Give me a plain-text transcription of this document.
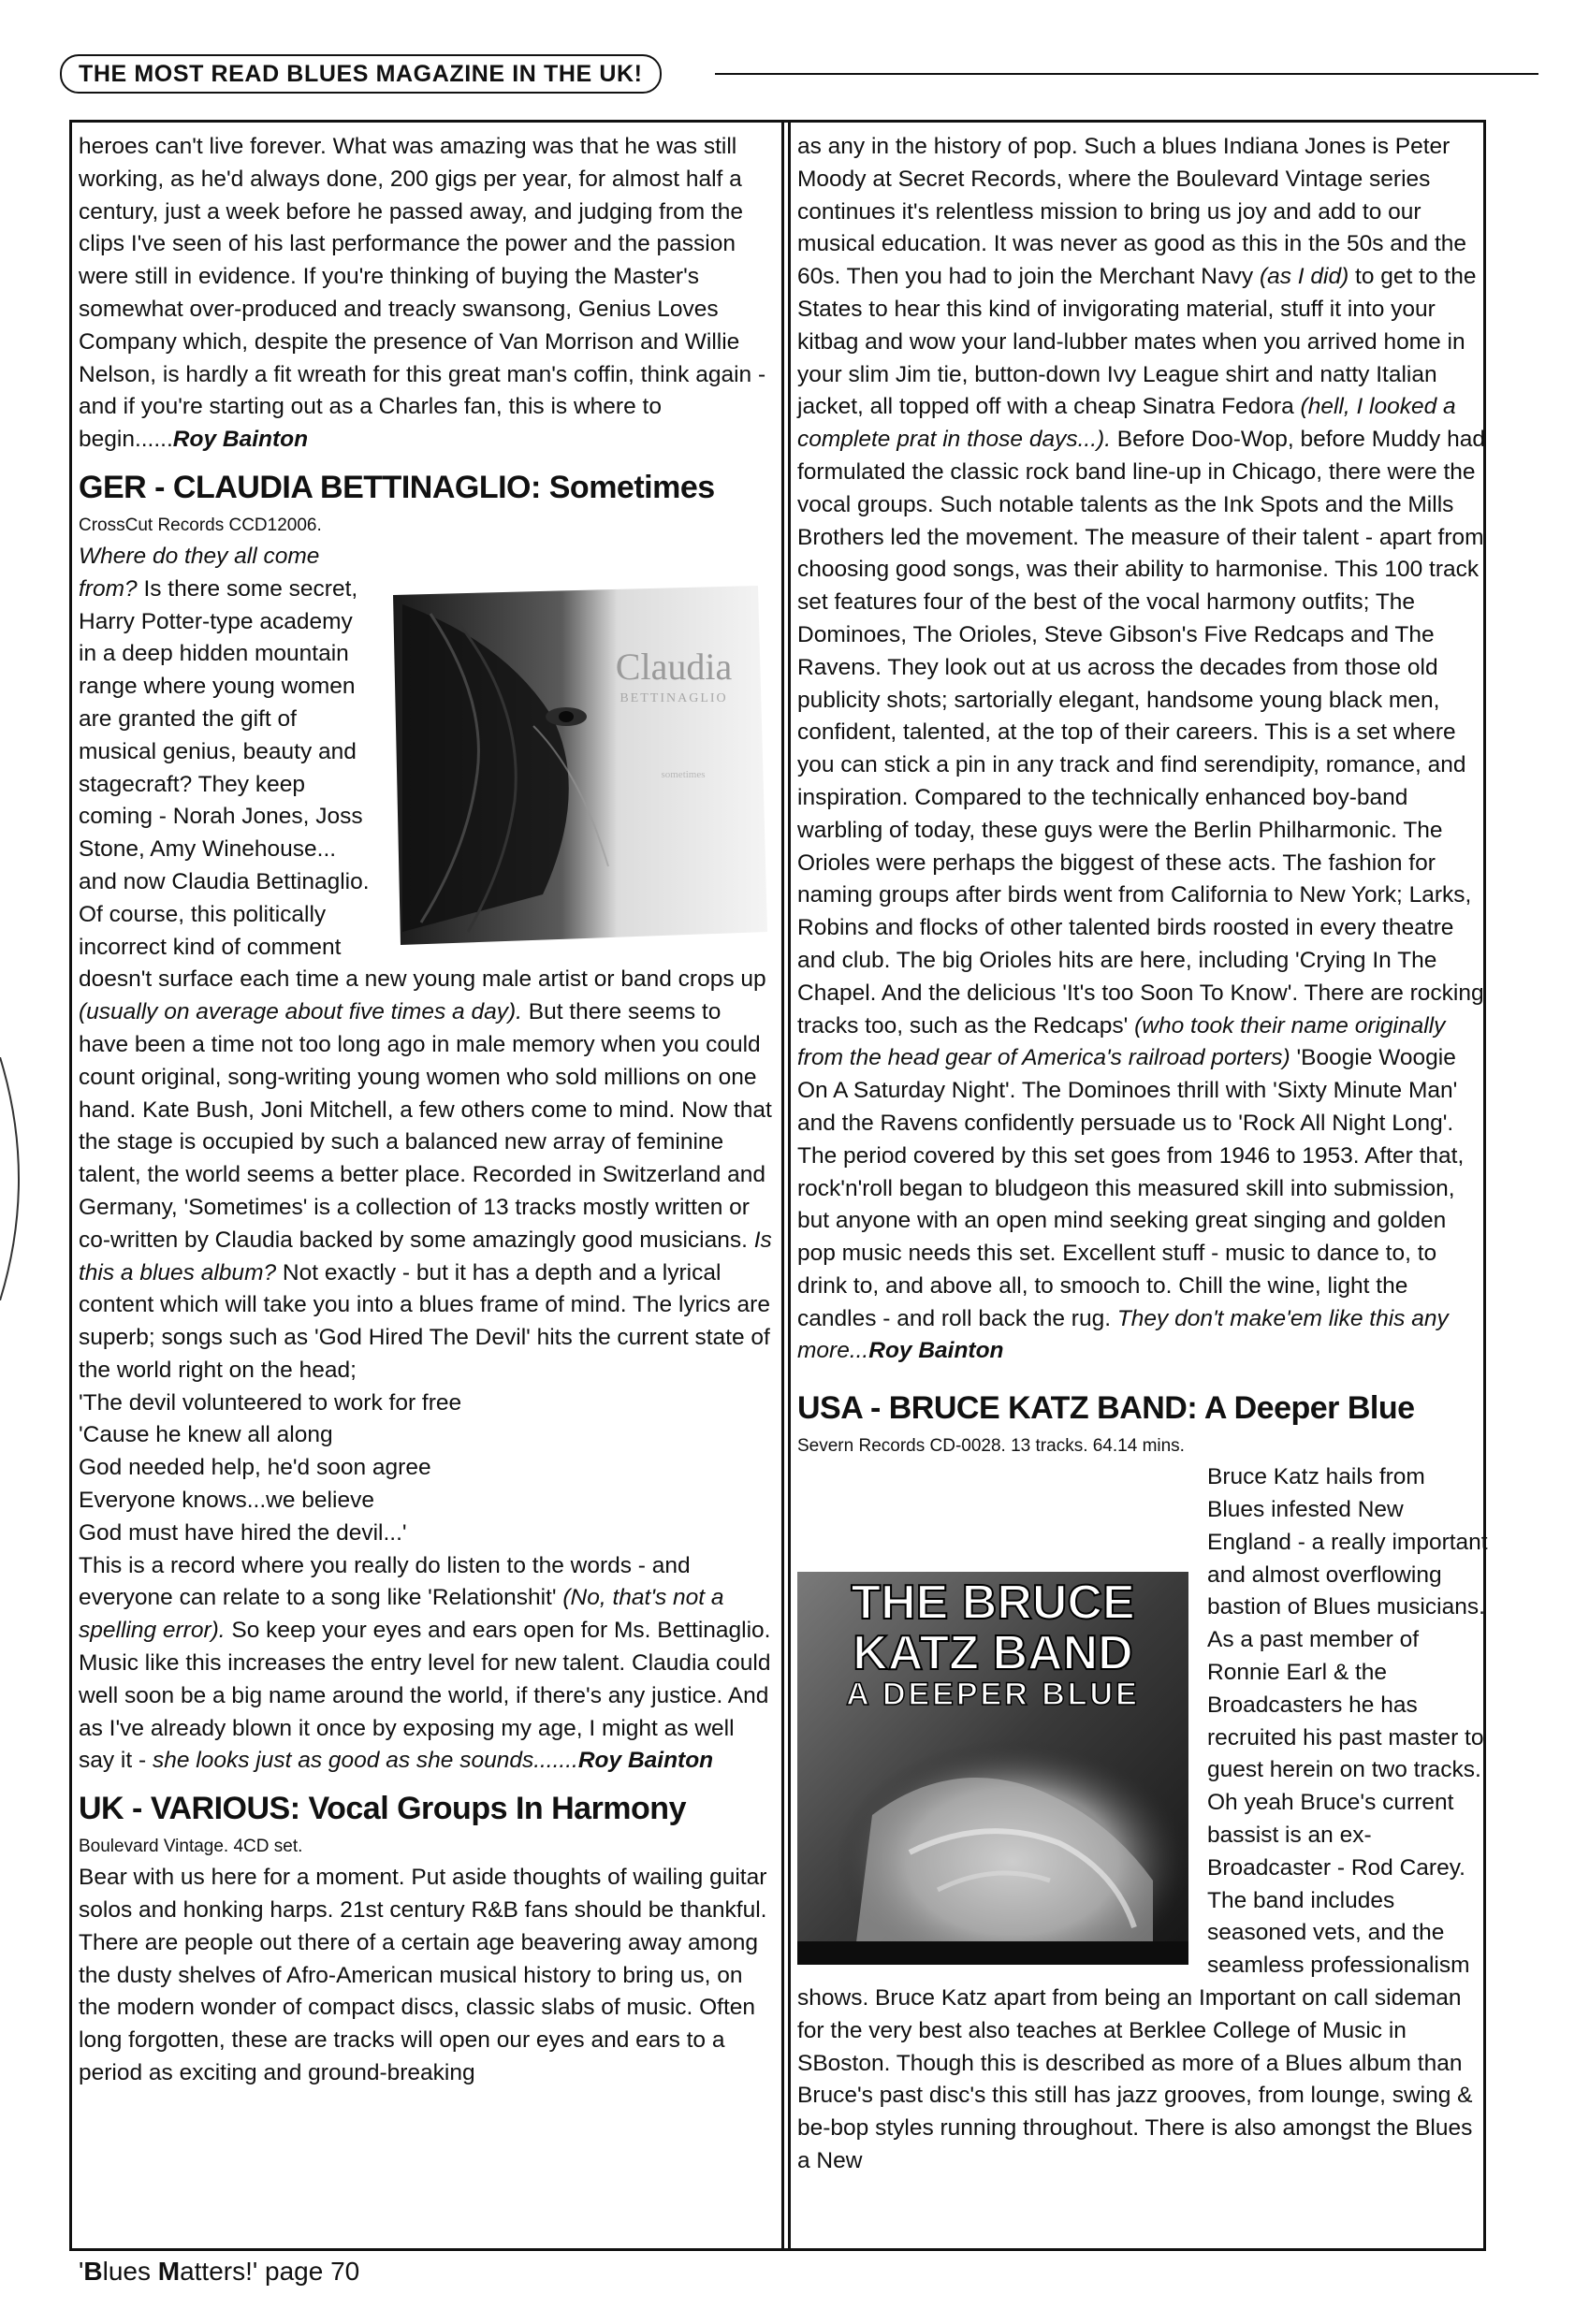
THE MOST READ BLUES MAGAZINE IN THE UK!

heroes can't live forever. What was amazing was that he was still working, as he'd always done, 200 gigs per year, for almost half a century, just a week before he passed away, and judging from the clips I've seen of his last performance the power and the passion were still in evidence. If you're thinking of buying the Master's somewhat over-produced and treacly swansong, Genius Loves Company which, despite the presence of Van Morrison and Willie Nelson, is hardly a fit wreath for this great man's coffin, think again - and if you're starting out as a Charles fan, this is where to begin......Roy Bainton

GER - CLAUDIA BETTINAGLIO: Sometimes
CrossCut Records CCD12006.

Claudia
BETTINAGLIO
sometimes
Where do they all come from? Is there some secret, Harry Potter-type academy in a deep hidden mountain range where young women are granted the gift of musical genius, beauty and stagecraft? They keep coming - Norah Jones, Joss Stone, Amy Winehouse... and now Claudia Bettinaglio. Of course, this politically incorrect kind of comment doesn't surface each time a new young male artist or band crops up (usually on average about five times a day). But there seems to have been a time not too long ago in male memory when you could count original, song-writing young women who sold millions on one hand. Kate Bush, Joni Mitchell, a few others come to mind. Now that the stage is occupied by such a balanced new array of feminine talent, the world seems a better place. Recorded in Switzerland and Germany, 'Sometimes' is a collection of 13 tracks mostly written or co-written by Claudia backed by some amazingly good musicians. Is this a blues album? Not exactly - but it has a depth and a lyrical content which will take you into a blues frame of mind. The lyrics are superb; songs such as 'God Hired The Devil' hits the current state of the world right on the head;

'The devil volunteered to work for free

'Cause he knew all along

God needed help, he'd soon agree

Everyone knows...we believe

God must have hired the devil...'

This is a record where you really do listen to the words - and everyone can relate to a song like 'Relationshit' (No, that's not a spelling error). So keep your eyes and ears open for Ms. Bettinaglio. Music like this increases the entry level for new talent. Claudia could well soon be a big name around the world, if there's any justice. And as I've already blown it once by exposing my age, I might as well say it - she looks just as good as she sounds.......Roy Bainton

UK - VARIOUS: Vocal Groups In Harmony
Boulevard Vintage. 4CD set.

Bear with us here for a moment. Put aside thoughts of wailing guitar solos and honking harps. 21st century R&B fans should be thankful. There are people out there of a certain age beavering away among the dusty shelves of Afro-American musical history to bring us, on the modern wonder of compact discs, classic slabs of music. Often long forgotten, these are tracks will open our eyes and ears to a period as exciting and ground-breaking

as any in the history of pop. Such a blues Indiana Jones is Peter Moody at Secret Records, where the Boulevard Vintage series continues it's relentless mission to bring us joy and add to our musical education. It was never as good as this in the 50s and the 60s. Then you had to join the Merchant Navy (as I did) to get to the States to hear this kind of invigorating material, stuff it into your kitbag and wow your land-lubber mates when you arrived home in your slim Jim tie, button-down Ivy League shirt and natty Italian jacket, all topped off with a cheap Sinatra Fedora (hell, I looked a complete prat in those days...). Before Doo-Wop, before Muddy had formulated the classic rock band line-up in Chicago, there were the vocal groups. Such notable talents as the Ink Spots and the Mills Brothers led the movement. The measure of their talent - apart from choosing good songs, was their ability to harmonise. This 100 track set features four of the best of the vocal harmony outfits; The Dominoes, The Orioles, Steve Gibson's Five Redcaps and The Ravens. They look out at us across the decades from those old publicity shots; sartorially elegant, handsome young black men, confident, talented, at the top of their careers. This is a set where you can stick a pin in any track and find serendipity, romance, and inspiration. Compared to the technically enhanced boy-band warbling of today, these guys were the Berlin Philharmonic. The Orioles were perhaps the biggest of these acts. The fashion for naming groups after birds went from California to New York; Larks, Robins and flocks of other talented birds roosted in every theatre and club. The big Orioles hits are here, including 'Crying In The Chapel. And the delicious 'It's too Soon To Know'. There are rocking tracks too, such as the Redcaps' (who took their name originally from the head gear of America's railroad porters) 'Boogie Woogie On A Saturday Night'. The Dominoes thrill with 'Sixty Minute Man' and the Ravens confidently persuade us to 'Rock All Night Long'. The period covered by this set goes from 1946 to 1953. After that, rock'n'roll began to bludgeon this measured skill into submission, but anyone with an open mind seeking great singing and golden pop music needs this set. Excellent stuff - music to dance to, to drink to, and above all, to smooch to. Chill the wine, light the candles - and roll back the rug. They don't make'em like this any more...Roy Bainton

USA - BRUCE KATZ BAND: A Deeper Blue
Severn Records CD-0028. 13 tracks. 64.14 mins.
THE BRUCE
KATZ BAND
A DEEPER BLUE

Bruce Katz hails from Blues infested New England - a really important and almost overflowing bastion of Blues musicians. As a past member of Ronnie Earl & the Broadcasters he has recruited his past master to guest herein on two tracks. Oh yeah Bruce's current bassist is an ex-Broadcaster - Rod Carey. The band includes seasoned vets, and the seamless professionalism shows. Bruce Katz apart from being an Important on call sideman for the very best also teaches at Berklee College of Music in SBoston. Though this is described as more of a Blues album than Bruce's past disc's this still has jazz grooves, from lounge, swing & be-bop styles running throughout. There is also amongst the Blues a New

'Blues Matters!' page 70
